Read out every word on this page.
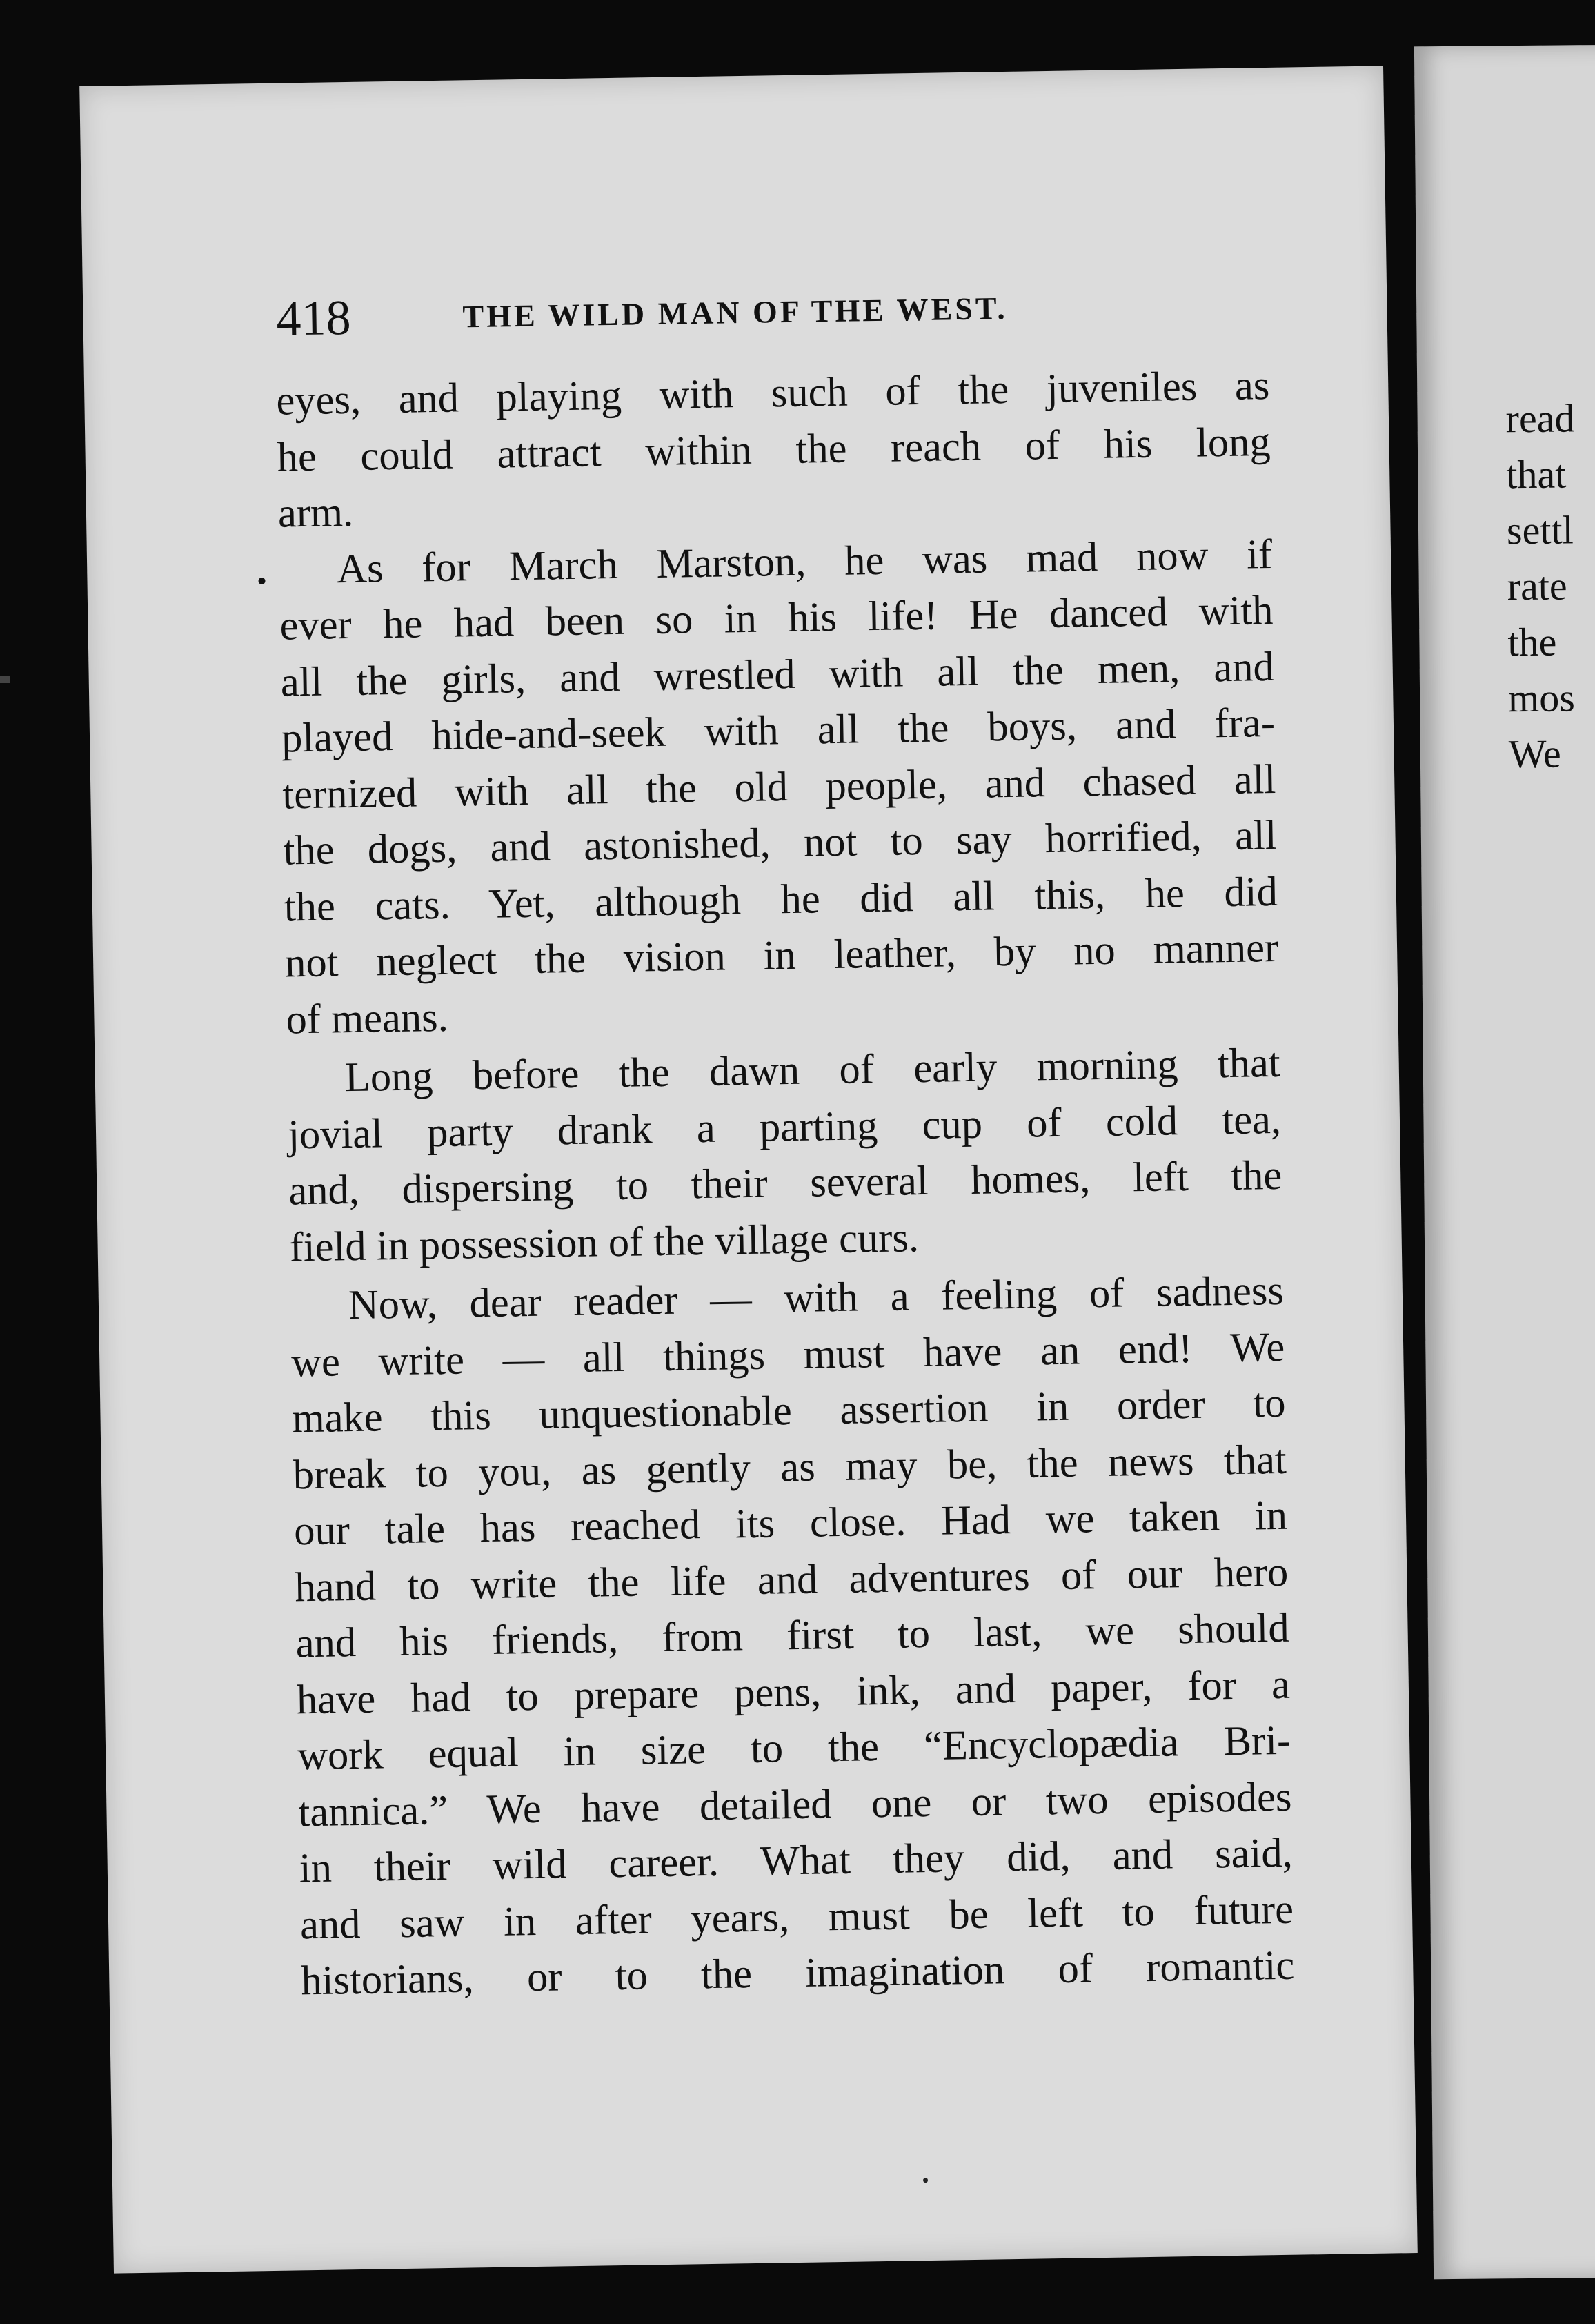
read
that
settl
rate
the
mos
We
418	THE WILD MAN OF THE WEST.
eyes, and playing with such of the juveniles as
he could attract within the reach of his long
arm.
As for March Marston, he was mad now if
ever he had been so in his life! He danced with
all the girls, and wrestled with all the men, and
played hide-and-seek with all the boys, and fra-
ternized with all the old people, and chased all
the dogs, and astonished, not to say horrified, all
the cats. Yet, although he did all this, he did
not neglect the vision in leather, by no manner
of means.
Long before the dawn of early morning that
jovial party drank a parting cup of cold tea,
and, dispersing to their several homes, left the
field in possession of the village curs.
Now, dear reader — with a feeling of sadness
we write — all things must have an end! We
make this unquestionable assertion in order to
break to you, as gently as may be, the news that
our tale has reached its close. Had we taken in
hand to write the life and adventures of our hero
and his friends, from first to last, we should
have had to prepare pens, ink, and paper, for a
work equal in size to the “Encyclopædia Bri-
tannica.” We have detailed one or two episodes
in their wild career. What they did, and said,
and saw in after years, must be left to future
historians, or to the imagination of romantic
